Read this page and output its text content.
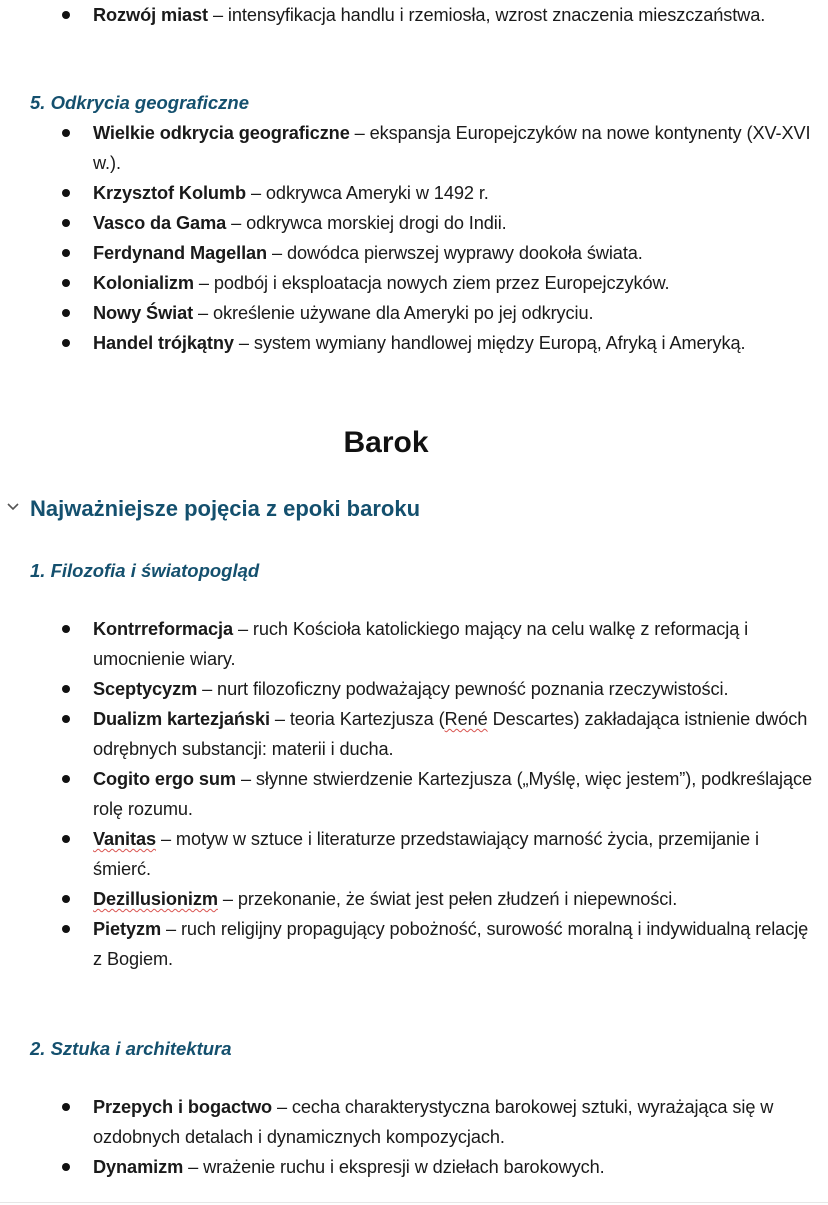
Rozwój miast – intensyfikacja handlu i rzemiosła, wzrost znaczenia mieszczaństwa.
5. Odkrycia geograficzne
Wielkie odkrycia geograficzne – ekspansja Europejczyków na nowe kontynenty (XV-XVI w.).
Krzysztof Kolumb – odkrywca Ameryki w 1492 r.
Vasco da Gama – odkrywca morskiej drogi do Indii.
Ferdynand Magellan – dowódca pierwszej wyprawy dookoła świata.
Kolonializm – podbój i eksploatacja nowych ziem przez Europejczyków.
Nowy Świat – określenie używane dla Ameryki po jej odkryciu.
Handel trójkątny – system wymiany handlowej między Europą, Afryką i Ameryką.
Barok
Najważniejsze pojęcia z epoki baroku
1. Filozofia i światopogląd
Kontrreformacja – ruch Kościoła katolickiego mający na celu walkę z reformacją i umocnienie wiary.
Sceptycyzm – nurt filozoficzny podważający pewność poznania rzeczywistości.
Dualizm kartezjański – teoria Kartezjusza (René Descartes) zakładająca istnienie dwóch odrębnych substancji: materii i ducha.
Cogito ergo sum – słynne stwierdzenie Kartezjusza („Myślę, więc jestem”), podkreślające rolę rozumu.
Vanitas – motyw w sztuce i literaturze przedstawiający marność życia, przemijanie i śmierć.
Dezillusionizm – przekonanie, że świat jest pełen złudzeń i niepewności.
Pietyzm – ruch religijny propagujący pobożność, surowość moralną i indywidualną relację z Bogiem.
2. Sztuka i architektura
Przepych i bogactwo – cecha charakterystyczna barokowej sztuki, wyrażająca się w ozdobnych detalach i dynamicznych kompozycjach.
Dynamizm – wrażenie ruchu i ekspresji w dziełach barokowych.
